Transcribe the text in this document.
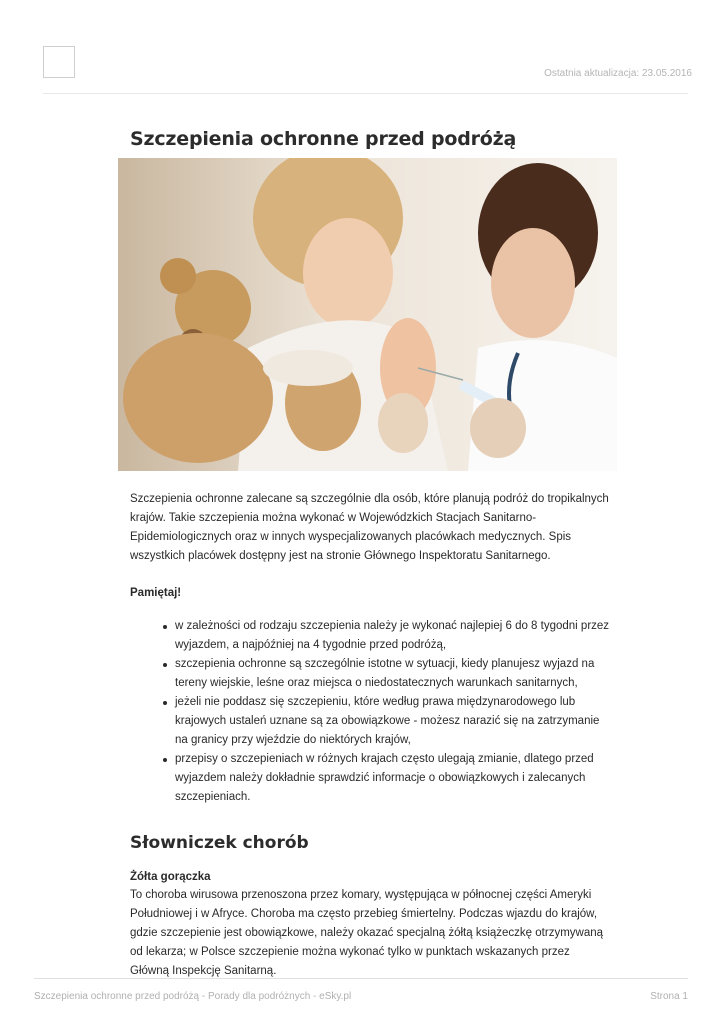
Ostatnia aktualizacja: 23.05.2016
Szczepienia ochronne przed podróżą

Szczepienia ochronne zalecane są szczególnie dla osób, które planują podróż do tropikalnych krajów. Takie szczepienia można wykonać w Wojewódzkich Stacjach Sanitarno-Epidemiologicznych oraz w innych wyspecjalizowanych placówkach medycznych. Spis wszystkich placówek dostępny jest na stronie Głównego Inspektoratu Sanitarnego.

Pamiętaj!

w zależności od rodzaju szczepienia należy je wykonać najlepiej 6 do 8 tygodni przez wyjazdem, a najpóźniej na 4 tygodnie przed podróżą,
szczepienia ochronne są szczególnie istotne w sytuacji, kiedy planujesz wyjazd na tereny wiejskie, leśne oraz miejsca o niedostatecznych warunkach sanitarnych,
jeżeli nie poddasz się szczepieniu, które według prawa międzynarodowego lub krajowych ustaleń uznane są za obowiązkowe - możesz narazić się na zatrzymanie na granicy przy wjeździe do niektórych krajów,
przepisy o szczepieniach w różnych krajach często ulegają zmianie, dlatego przed wyjazdem należy dokładnie sprawdzić informacje o obowiązkowych i zalecanych szczepieniach.
Słowniczek chorób
Żółta gorączka

To choroba wirusowa przenoszona przez komary, występująca w północnej części Ameryki Południowej i w Afryce. Choroba ma często przebieg śmiertelny. Podczas wjazdu do krajów, gdzie szczepienie jest obowiązkowe, należy okazać specjalną żółtą książeczkę otrzymywaną od lekarza; w Polsce szczepienie można wykonać tylko w punktach wskazanych przez Główną Inspekcję Sanitarną.

Szczepienia ochronne przed podróżą - Porady dla podróżnych - eSky.pl	Strona 1
